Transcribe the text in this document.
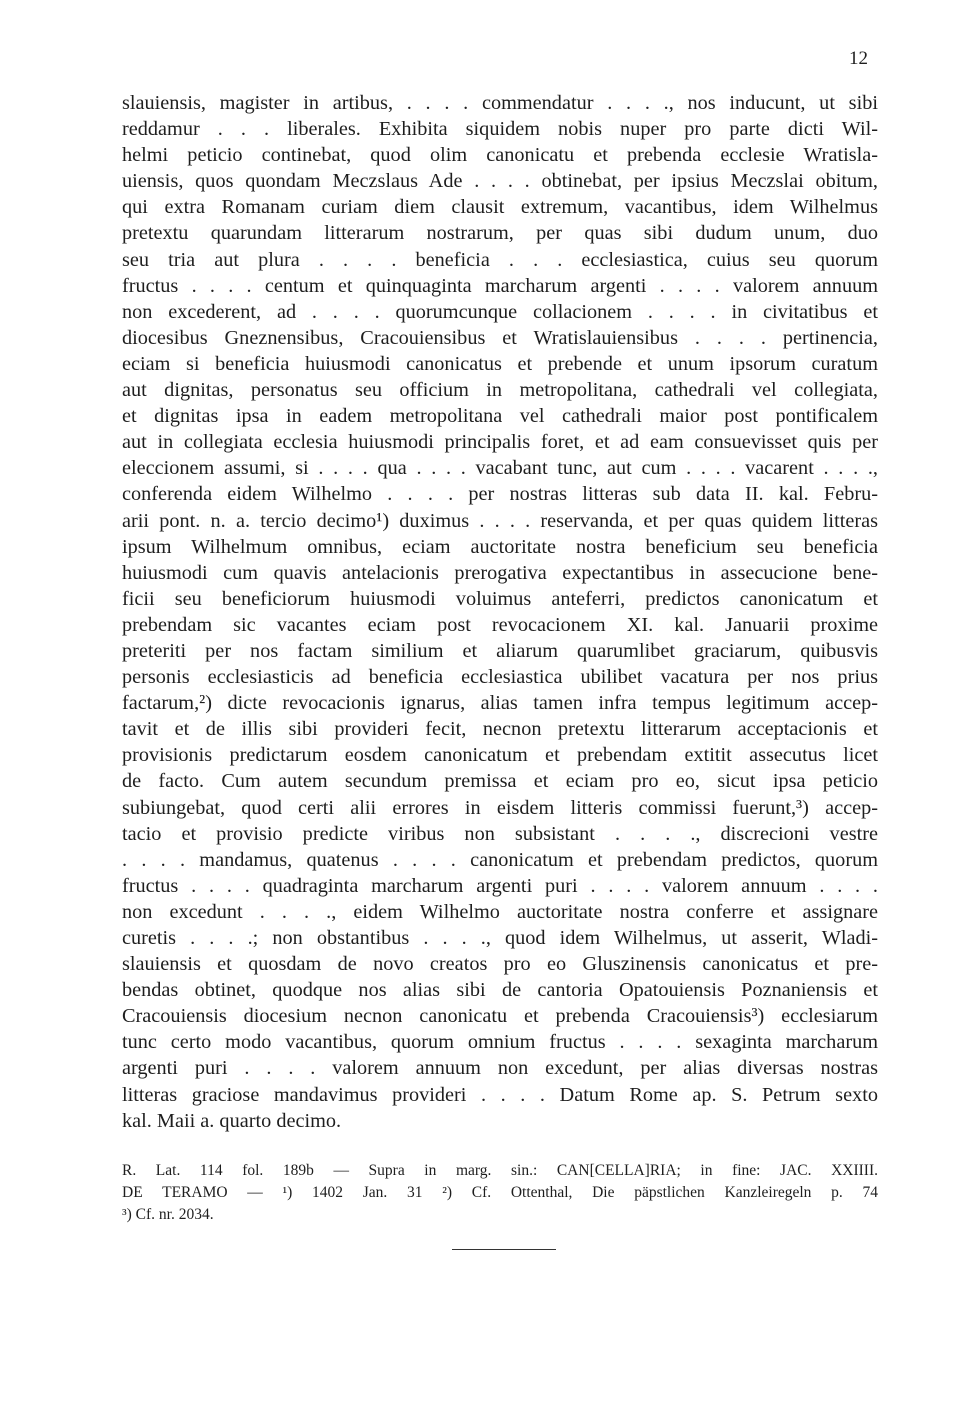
12
slauiensis, magister in artibus, . . . . commendatur . . . ., nos inducunt, ut sibi
reddamur . . . liberales. Exhibita siquidem nobis nuper pro parte dicti Wil-
helmi peticio continebat, quod olim canonicatu et prebenda ecclesie Wratisla-
uiensis, quos quondam Meczslaus Ade . . . . obtinebat, per ipsius Meczslai obitum,
qui extra Romanam curiam diem clausit extremum, vacantibus, idem Wilhelmus
pretextu quarundam litterarum nostrarum, per quas sibi dudum unum, duo
seu tria aut plura . . . . beneficia . . . ecclesiastica, cuius seu quorum
fructus . . . . centum et quinquaginta marcharum argenti . . . . valorem annuum
non excederent, ad . . . . quorumcunque collacionem . . . . in civitatibus et
diocesibus Gneznensibus, Cracouiensibus et Wratislauiensibus . . . . pertinencia,
eciam si beneficia huiusmodi canonicatus et prebende et unum ipsorum curatum
aut dignitas, personatus seu officium in metropolitana, cathedrali vel collegiata,
et dignitas ipsa in eadem metropolitana vel cathedrali maior post pontificalem
aut in collegiata ecclesia huiusmodi principalis foret, et ad eam consuevisset quis per
eleccionem assumi, si . . . . qua . . . . vacabant tunc, aut cum . . . . vacarent . . . .,
conferenda eidem Wilhelmo . . . . per nostras litteras sub data II. kal. Febru-
arii pont. n. a. tercio decimo¹) duximus . . . . reservanda, et per quas quidem litteras
ipsum Wilhelmum omnibus, eciam auctoritate nostra beneficium seu beneficia
huiusmodi cum quavis antelacionis prerogativa expectantibus in assecucione bene-
ficii seu beneficiorum huiusmodi voluimus anteferri, predictos canonicatum et
prebendam sic vacantes eciam post revocacionem XI. kal. Januarii proxime
preteriti per nos factam similium et aliarum quarumlibet graciarum, quibusvis
personis ecclesiasticis ad beneficia ecclesiastica ubilibet vacatura per nos prius
factarum,²) dicte revocacionis ignarus, alias tamen infra tempus legitimum accep-
tavit et de illis sibi provideri fecit, necnon pretextu litterarum acceptacionis et
provisionis predictarum eosdem canonicatum et prebendam extitit assecutus licet
de facto. Cum autem secundum premissa et eciam pro eo, sicut ipsa peticio
subiungebat, quod certi alii errores in eisdem litteris commissi fuerunt,³) accep-
tacio et provisio predicte viribus non subsistant . . . ., discrecioni vestre
. . . . mandamus, quatenus . . . . canonicatum et prebendam predictos, quorum
fructus . . . . quadraginta marcharum argenti puri . . . . valorem annuum . . . .
non excedunt . . . ., eidem Wilhelmo auctoritate nostra conferre et assignare
curetis . . . .; non obstantibus . . . ., quod idem Wilhelmus, ut asserit, Wladi-
slauiensis et quosdam de novo creatos pro eo Gluszinensis canonicatus et pre-
bendas obtinet, quodque nos alias sibi de cantoria Opatouiensis Poznaniensis et
Cracouiensis diocesium necnon canonicatu et prebenda Cracouiensis³) ecclesiarum
tunc certo modo vacantibus, quorum omnium fructus . . . . sexaginta marcharum
argenti puri . . . . valorem annuum non excedunt, per alias diversas nostras
litteras graciose mandavimus provideri . . . . Datum Rome ap. S. Petrum sexto
kal. Maii a. quarto decimo.
R. Lat. 114 fol. 189b — Supra in marg. sin.: CAN[CELLA]RIA; in fine: JAC. XXIIII.
DE TERAMO — ¹) 1402 Jan. 31 ²) Cf. Ottenthal, Die päpstlichen Kanzleiregeln p. 74
³) Cf. nr. 2034.
